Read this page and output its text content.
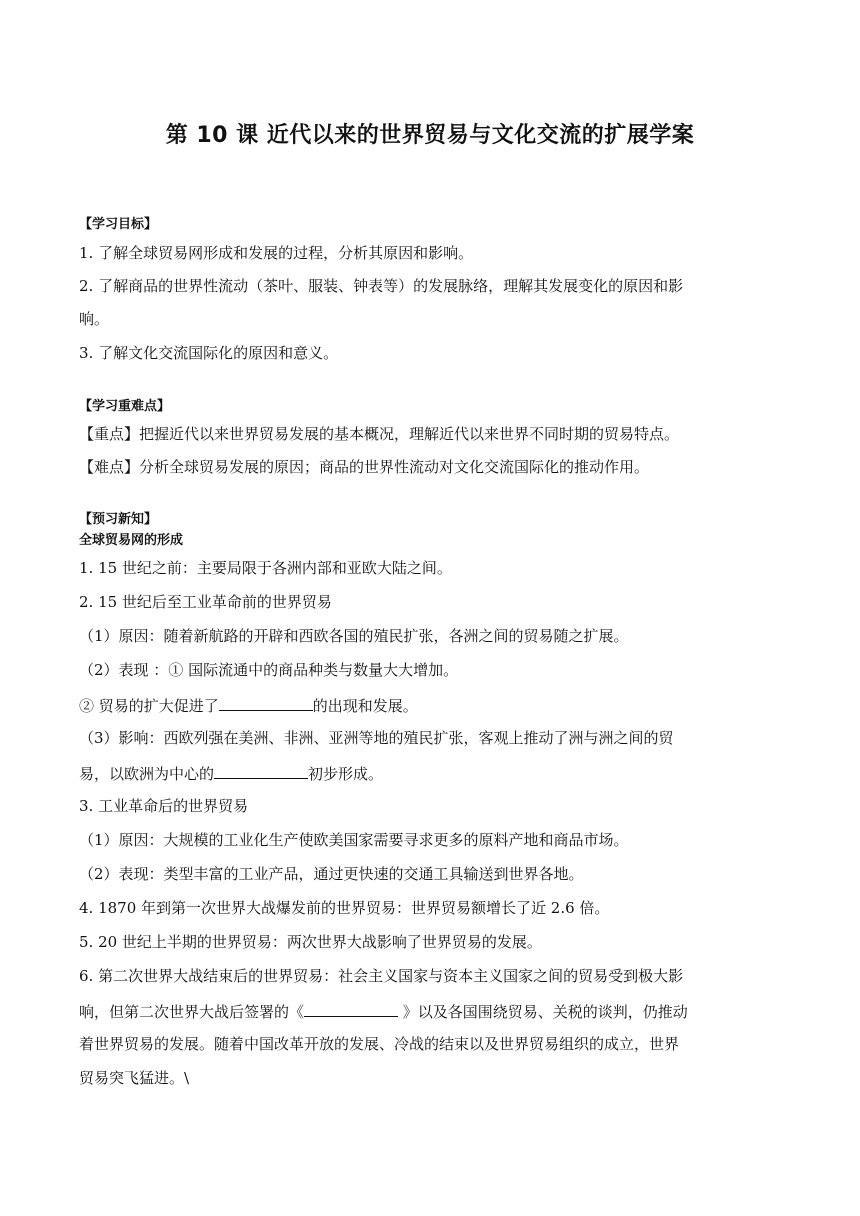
第 10 课 近代以来的世界贸易与文化交流的扩展学案
【学习目标】
1. 了解全球贸易网形成和发展的过程，分析其原因和影响。
2. 了解商品的世界性流动（茶叶、服装、钟表等）的发展脉络，理解其发展变化的原因和影
响。
3. 了解文化交流国际化的原因和意义。
【学习重难点】
【重点】把握近代以来世界贸易发展的基本概况，理解近代以来世界不同时期的贸易特点。
【难点】分析全球贸易发展的原因；商品的世界性流动对文化交流国际化的推动作用。
【预习新知】
全球贸易网的形成
1. 15 世纪之前：主要局限于各洲内部和亚欧大陆之间。
2. 15 世纪后至工业革命前的世界贸易
（1）原因：随着新航路的开辟和西欧各国的殖民扩张，各洲之间的贸易随之扩展。
（2）表现 ：① 国际流通中的商品种类与数量大大增加。
② 贸易的扩大促进了	的出现和发展。
（3）影响：西欧列强在美洲、非洲、亚洲等地的殖民扩张，客观上推动了洲与洲之间的贸
易，以欧洲为中心的	初步形成。
3. 工业革命后的世界贸易
（1）原因：大规模的工业化生产使欧美国家需要寻求更多的原料产地和商品市场。
（2）表现：类型丰富的工业产品，通过更快速的交通工具输送到世界各地。
4. 1870 年到第一次世界大战爆发前的世界贸易：世界贸易额增长了近 2.6 倍。
5. 20 世纪上半期的世界贸易：两次世界大战影响了世界贸易的发展。
6. 第二次世界大战结束后的世界贸易：社会主义国家与资本主义国家之间的贸易受到极大影
响，但第二次世界大战后签署的《	》以及各国围绕贸易、关税的谈判，仍推动
着世界贸易的发展。随着中国改革开放的发展、冷战的结束以及世界贸易组织的成立，世界
贸易突飞猛进。\
